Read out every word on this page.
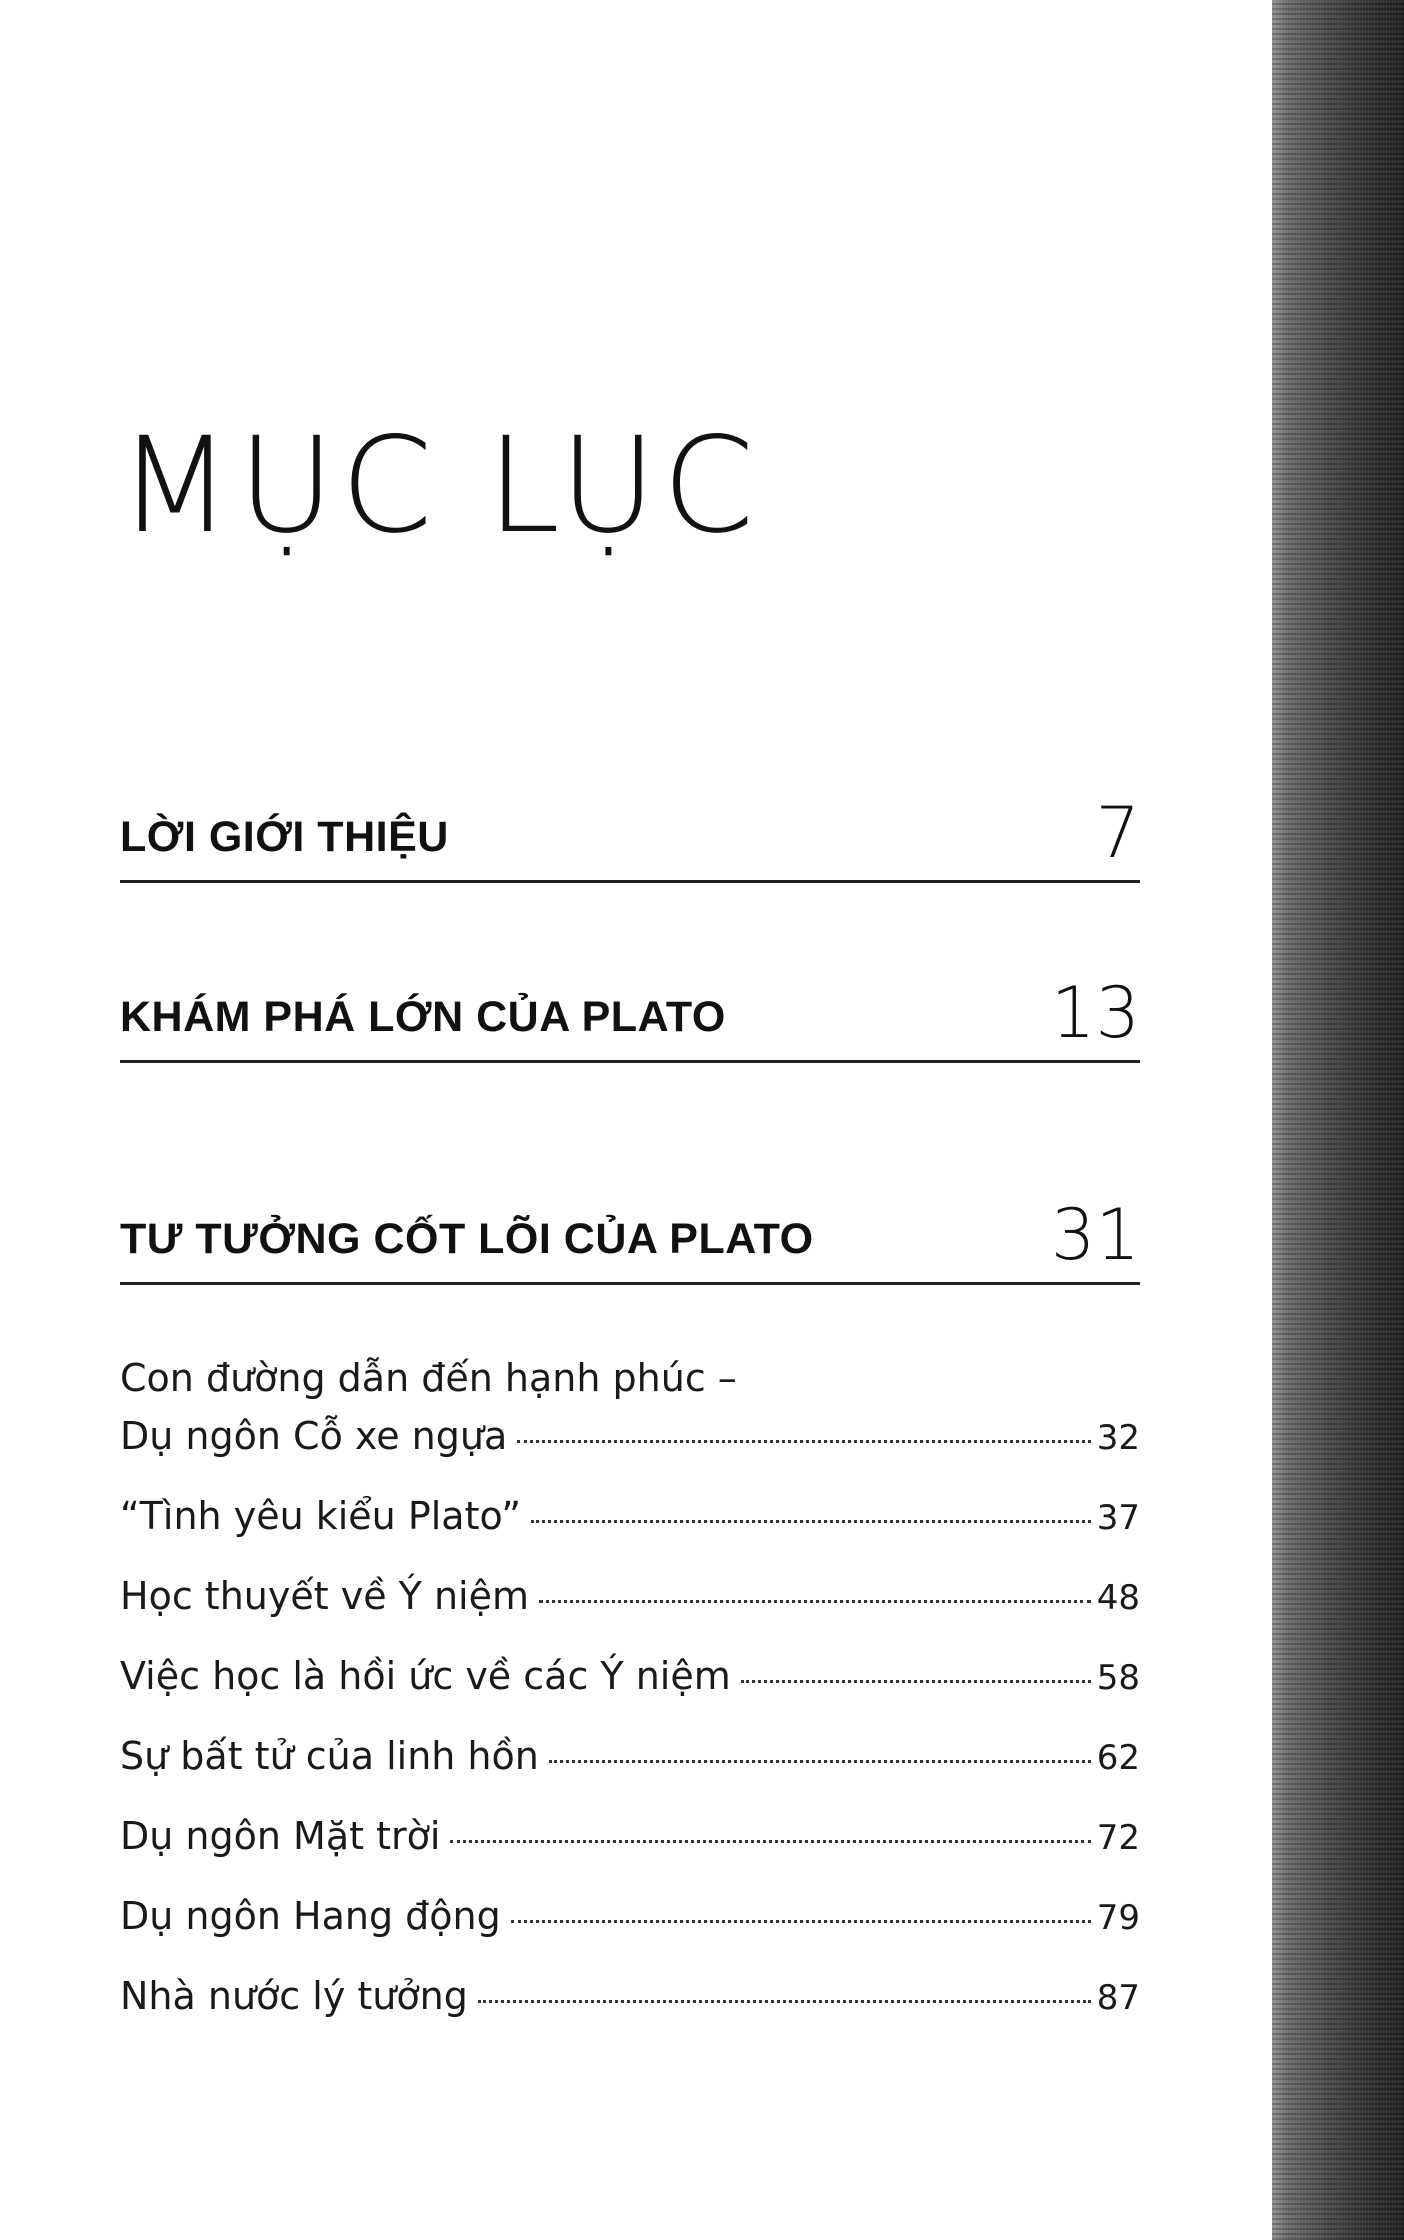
MỤC LỤC
LỜI GIỚI THIỆU	7
KHÁM PHÁ LỚN CỦA PLATO	13
TƯ TƯỞNG CỐT LÕI CỦA PLATO	31
Con đường dẫn đến hạnh phúc –
Dụ ngôn Cỗ xe ngựa	32
“Tình yêu kiểu Plato”	37
Học thuyết về Ý niệm	48
Việc học là hồi ức về các Ý niệm	58
Sự bất tử của linh hồn	62
Dụ ngôn Mặt trời	72
Dụ ngôn Hang động	79
Nhà nước lý tưởng	87
